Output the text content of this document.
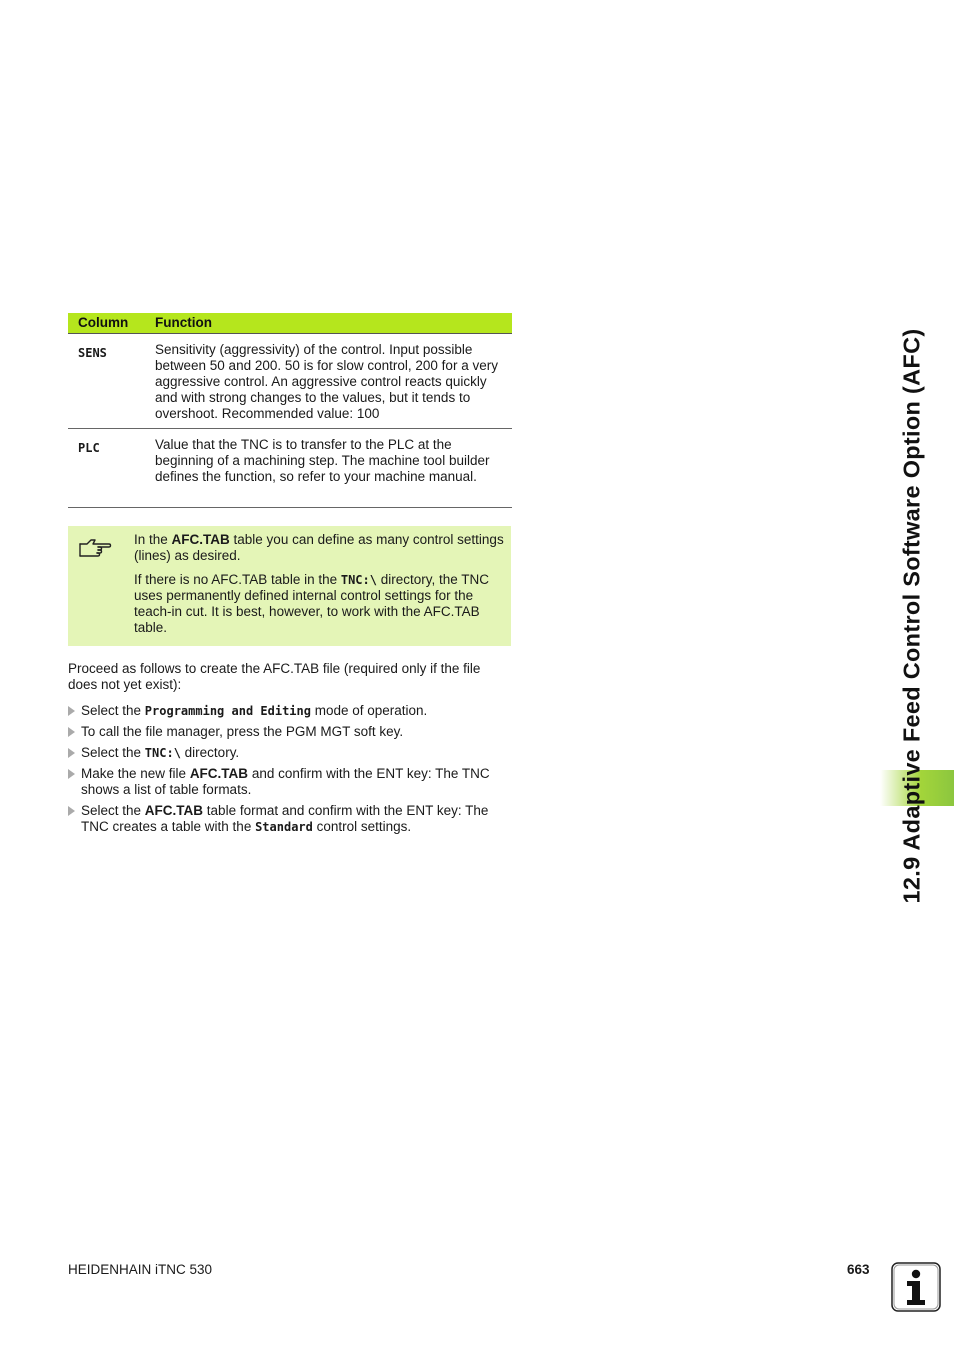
Column Function
SENS	Sensitivity (aggressivity) of the control. Input possible between 50 and 200. 50 is for slow control, 200 for a very aggressive control. An aggressive control reacts quickly and with strong changes to the values, but it tends to overshoot. Recommended value: 100
PLC	Value that the TNC is to transfer to the PLC at the beginning of a machining step. The machine tool builder defines the function, so refer to your machine manual.

In the AFC.TAB table you can define as many control settings (lines) as desired.

If there is no AFC.TAB table in the TNC:\ directory, the TNC uses permanently defined internal control settings for the teach-in cut. It is best, however, to work with the AFC.TAB table.

Proceed as follows to create the AFC.TAB file (required only if the file does not yet exist):
Select the Programming and Editing mode of operation.
To call the file manager, press the PGM MGT soft key.
Select the TNC:\ directory.
Make the new file AFC.TAB and confirm with the ENT key: The TNC shows a list of table formats.
Select the AFC.TAB table format and confirm with the ENT key: The TNC creates a table with the Standard control settings.	12.9 Adaptive Feed Control Software Option (AFC)
HEIDENHAIN iTNC 530	663
